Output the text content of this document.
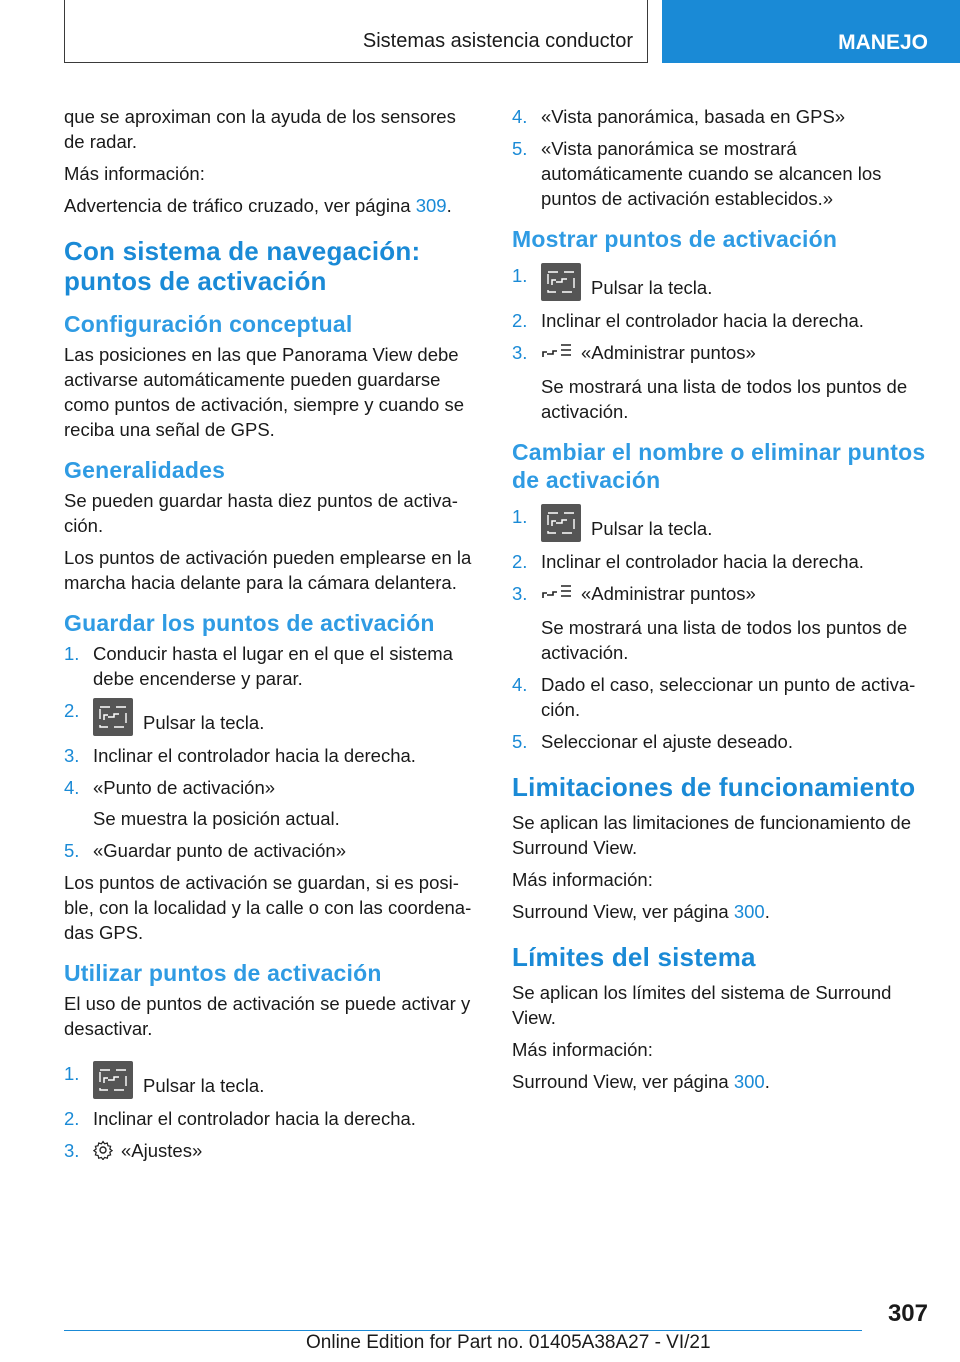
Sistemas asistencia conductor	MANEJO

que se aproximan con la ayuda de los sensores de radar.

Más información:

Advertencia de tráfico cruzado, ver página 309.

Con sistema de navegación: puntos de activación
Configuración conceptual

Las posiciones en las que Panorama View debe activarse automáticamente pueden guardarse como puntos de activación, siempre y cuando se reciba una señal de GPS.

Generalidades

Se pueden guardar hasta diez puntos de activa‐ción.

Los puntos de activación pueden emplearse en la marcha hacia delante para la cámara delantera.

Guardar los puntos de activación
1. Conducir hasta el lugar en el que el sistema debe encenderse y parar.
2.
Pulsar la tecla.
3. Inclinar el controlador hacia la derecha.
4. «Punto de activación»
Se muestra la posición actual.
5. «Guardar punto de activación»

Los puntos de activación se guardan, si es posi‐ble, con la localidad y la calle o con las coordena‐das GPS.

Utilizar puntos de activación

El uso de puntos de activación se puede activar y desactivar.

1.
Pulsar la tecla.
2. Inclinar el controlador hacia la derecha.
3. «Ajustes»
4. «Vista panorámica, basada en GPS»
5. «Vista panorámica se mostrará automáticamente cuando se alcancen los puntos de activación establecidos.»
Mostrar puntos de activación
1.
Pulsar la tecla.
2. Inclinar el controlador hacia la derecha.
3.	«Administrar puntos»
Se mostrará una lista de todos los puntos de activación.
Cambiar el nombre o eliminar puntos de activación
1.
Pulsar la tecla.
2. Inclinar el controlador hacia la derecha.
3.	«Administrar puntos»
Se mostrará una lista de todos los puntos de activación.
4. Dado el caso, seleccionar un punto de activa‐ción.
5. Seleccionar el ajuste deseado.
Limitaciones de funcionamiento

Se aplican las limitaciones de funcionamiento de Surround View.

Más información:

Surround View, ver página 300.

Límites del sistema

Se aplican los límites del sistema de Surround View.

Más información:

Surround View, ver página 300.

307
Online Edition for Part no. 01405A38A27 - VI/21
